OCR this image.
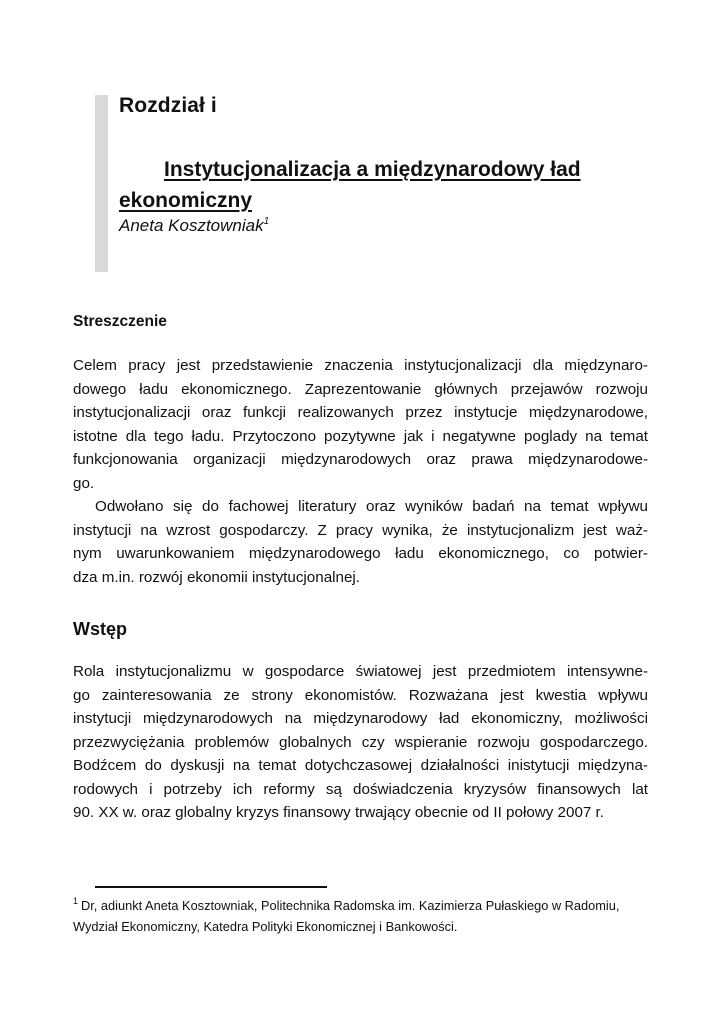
Rozdział i
Instytucjonalizacja a międzynarodowy ład
ekonomiczny
Aneta Kosztowniak$^1$
Streszczenie
Celem pracy jest przedstawienie znaczenia instytucjonalizacji dla międzynaro-
dowego ładu ekonomicznego. Zaprezentowanie głównych przejawów rozwoju
instytucjonalizacji oraz funkcji realizowanych przez instytucje międzynarodowe,
istotne dla tego ładu. Przytoczono pozytywne jak i negatywne poglady na temat
funkcjonowania organizacji międzynarodowych oraz prawa międzynarodowe-
go.
Odwołano się do fachowej literatury oraz wyników badań na temat wpływu
instytucji na wzrost gospodarczy. Z pracy wynika, że instytucjonalizm jest waż-
nym uwarunkowaniem międzynarodowego ładu ekonomicznego, co potwier-
dza m.in. rozwój ekonomii instytucjonalnej.
Wstęp
Rola instytucjonalizmu w gospodarce światowej jest przedmiotem intensywne-
go zainteresowania ze strony ekonomistów. Rozważana jest kwestia wpływu
instytucji międzynarodowych na międzynarodowy ład ekonomiczny, możliwości
przezwyciężania problemów globalnych czy wspieranie rozwoju gospodarczego.
Bodźcem do dyskusji na temat dotychczasowej działalności inistytucji międzyna-
rodowych i potrzeby ich reformy są doświadczenia kryzysów finansowych lat
90. XX w. oraz globalny kryzys finansowy trwający obecnie od II połowy 2007 r.
$^1$ Dr, adiunkt Aneta Kosztowniak, Politechnika Radomska im. Kazimierza Pułaskiego w Radomiu,
Wydział Ekonomiczny, Katedra Polityki Ekonomicznej i Bankowości.
